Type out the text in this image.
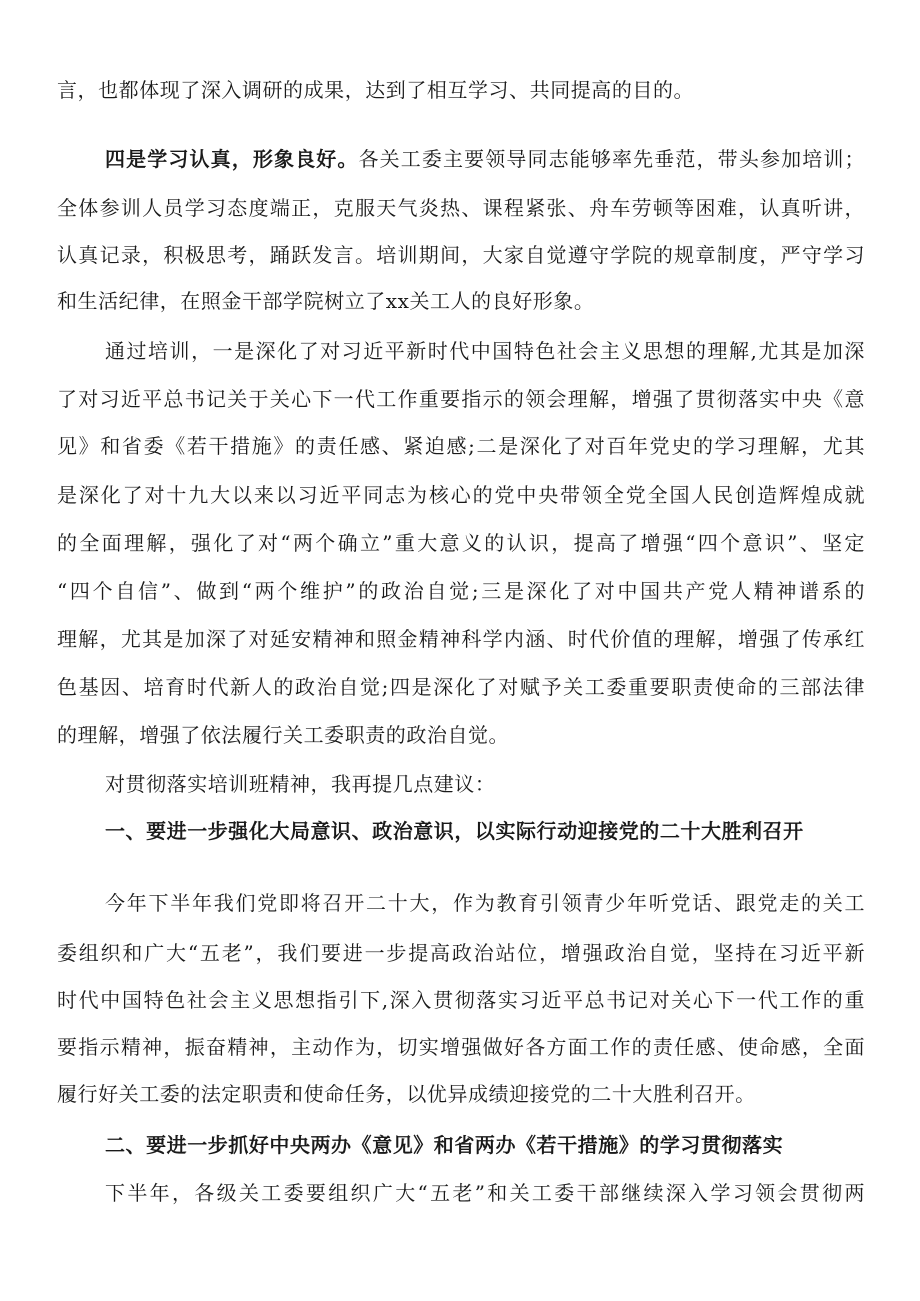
言，也都体现了深入调研的成果，达到了相互学习、共同提高的目的。
四是学习认真，形象良好。各关工委主要领导同志能够率先垂范，带头参加培训；
全体参训人员学习态度端正，克服天气炎热、课程紧张、舟车劳顿等困难，认真听讲，
认真记录，积极思考，踊跃发言。培训期间，大家自觉遵守学院的规章制度，严守学习
和生活纪律，在照金干部学院树立了xx关工人的良好形象。
通过培训，一是深化了对习近平新时代中国特色社会主义思想的理解,尤其是加深
了对习近平总书记关于关心下一代工作重要指示的领会理解，增强了贯彻落实中央《意
见》和省委《若干措施》的责任感、紧迫感;二是深化了对百年党史的学习理解，尤其
是深化了对十九大以来以习近平同志为核心的党中央带领全党全国人民创造辉煌成就
的全面理解，强化了对“两个确立”重大意义的认识，提高了增强“四个意识”、坚定
“四个自信”、做到“两个维护”的政治自觉;三是深化了对中国共产党人精神谱系的
理解，尤其是加深了对延安精神和照金精神科学内涵、时代价值的理解，增强了传承红
色基因、培育时代新人的政治自觉;四是深化了对赋予关工委重要职责使命的三部法律
的理解，增强了依法履行关工委职责的政治自觉。
对贯彻落实培训班精神，我再提几点建议：
一、要进一步强化大局意识、政治意识，以实际行动迎接党的二十大胜利召开
今年下半年我们党即将召开二十大，作为教育引领青少年听党话、跟党走的关工
委组织和广大“五老”，我们要进一步提高政治站位，增强政治自觉，坚持在习近平新
时代中国特色社会主义思想指引下,深入贯彻落实习近平总书记对关心下一代工作的重
要指示精神，振奋精神，主动作为，切实增强做好各方面工作的责任感、使命感，全面
履行好关工委的法定职责和使命任务，以优异成绩迎接党的二十大胜利召开。
二、要进一步抓好中央两办《意见》和省两办《若干措施》的学习贯彻落实
下半年，各级关工委要组织广大“五老”和关工委干部继续深入学习领会贯彻两
